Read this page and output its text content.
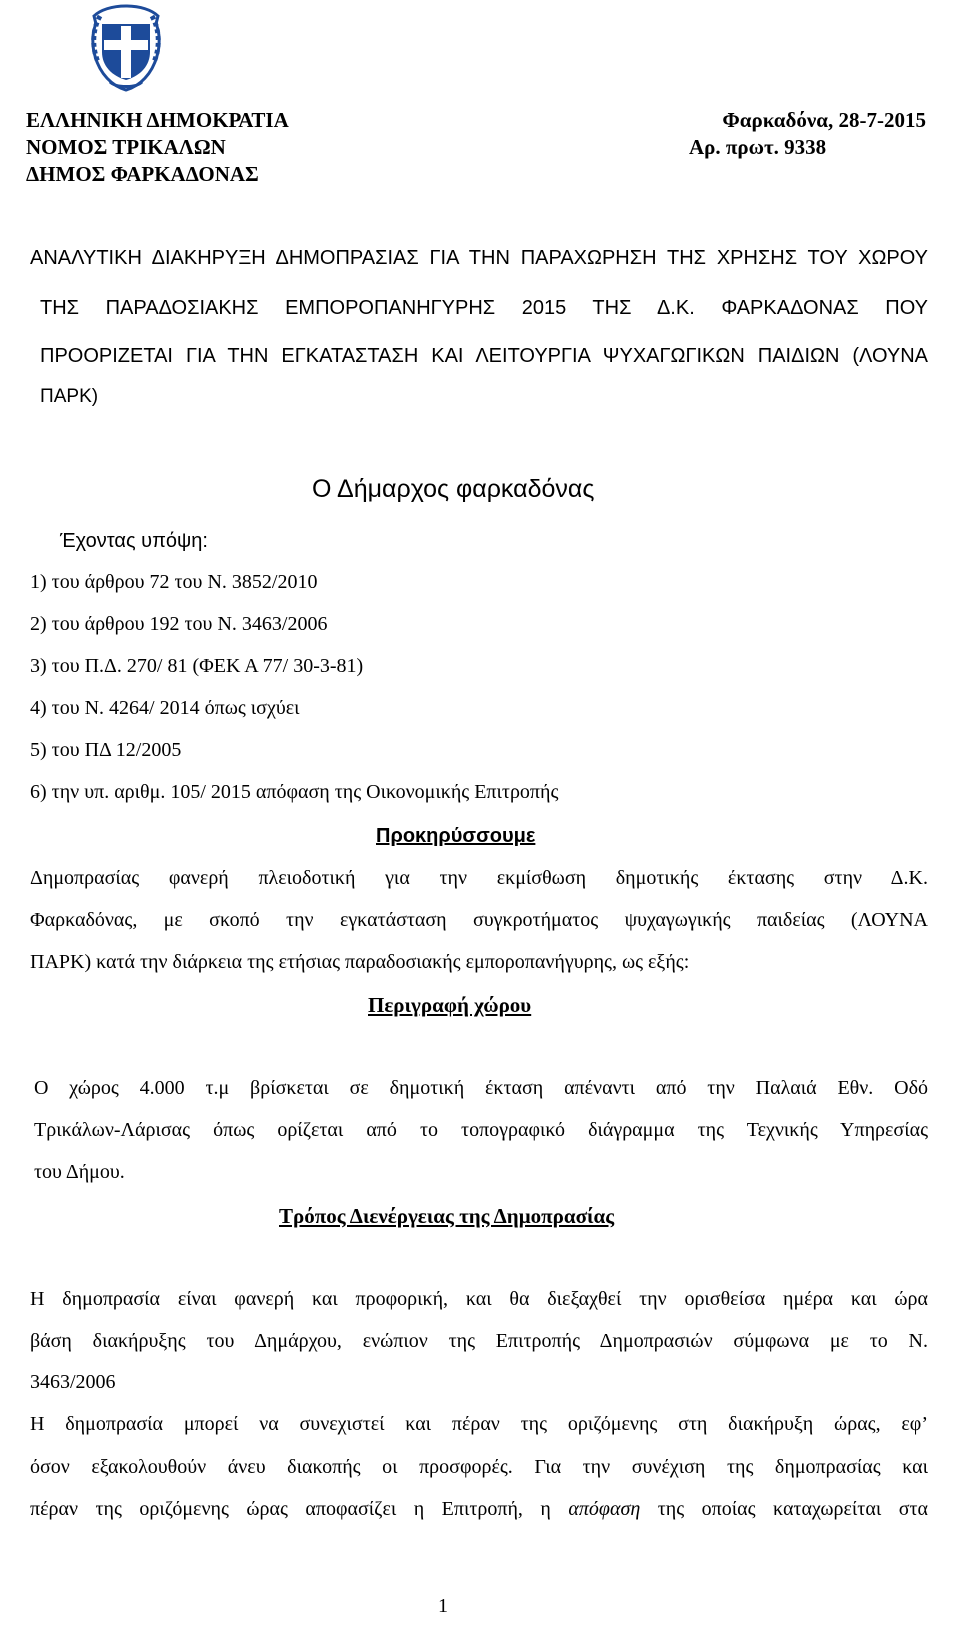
ΕΛΛΗΝΙΚΗ ΔΗΜΟΚΡΑΤΙΑ
ΝΟΜΟΣ ΤΡΙΚΑΛΩΝ
ΔΗΜΟΣ ΦΑΡΚΑΔΟΝΑΣ
Φαρκαδόνα, 28-7-2015
Αρ. πρωτ. 9338
ΑΝΑΛΥΤΙΚΗ ΔΙΑΚΗΡΥΞΗ ΔΗΜΟΠΡΑΣΙΑΣ ΓΙΑ ΤΗΝ ΠΑΡΑΧΩΡΗΣΗ ΤΗΣ ΧΡΗΣΗΣ ΤΟΥ ΧΩΡΟΥ
ΤΗΣ ΠΑΡΑΔΟΣΙΑΚΗΣ ΕΜΠΟΡΟΠΑΝΗΓΥΡΗΣ 2015 ΤΗΣ Δ.Κ. ΦΑΡΚΑΔΟΝΑΣ ΠΟΥ
ΠΡΟΟΡΙΖΕΤΑΙ ΓΙΑ ΤΗΝ ΕΓΚΑΤΑΣΤΑΣΗ ΚΑΙ ΛΕΙΤΟΥΡΓΙΑ ΨΥΧΑΓΩΓΙΚΩΝ ΠΑΙΔΙΩΝ (ΛΟΥΝΑ
ΠΑΡΚ)
Ο Δήμαρχος φαρκαδόνας
Έχοντας υπόψη:
1) του άρθρου 72 του Ν. 3852/2010
2) του άρθρου 192 του Ν. 3463/2006
3) του Π.Δ. 270/ 81 (ΦΕΚ Α 77/ 30-3-81)
4) του Ν. 4264/ 2014 όπως ισχύει
5) του ΠΔ 12/2005
6) την υπ. αριθμ. 105/ 2015 απόφαση της Οικονομικής Επιτροπής
Προκηρύσσουμε
Δημοπρασίας φανερή πλειοδοτική για την εκμίσθωση δημοτικής έκτασης στην Δ.Κ.
Φαρκαδόνας, με σκοπό την εγκατάσταση συγκροτήματος ψυχαγωγικής παιδείας (ΛΟΥΝΑ
ΠΑΡΚ) κατά την διάρκεια της ετήσιας παραδοσιακής εμποροπανήγυρης, ως εξής:
Περιγραφή χώρου
Ο χώρος 4.000 τ.μ βρίσκεται σε δημοτική έκταση απέναντι από την Παλαιά Εθν. Οδό
Τρικάλων-Λάρισας όπως ορίζεται από το τοπογραφικό διάγραμμα της Τεχνικής Υπηρεσίας
του Δήμου.
Τρόπος Διενέργειας της Δημοπρασίας
Η δημοπρασία είναι φανερή και προφορική, και θα διεξαχθεί την ορισθείσα ημέρα και ώρα
βάση διακήρυξης του Δημάρχου, ενώπιον της Επιτροπής Δημοπρασιών σύμφωνα με το Ν.
3463/2006
Η δημοπρασία μπορεί να συνεχιστεί και πέραν της οριζόμενης στη διακήρυξη ώρας, εφ’
όσον εξακολουθούν άνευ διακοπής οι προσφορές. Για την συνέχιση της δημοπρασίας και
πέραν της οριζόμενης ώρας αποφασίζει η Επιτροπή, η απόφαση της οποίας καταχωρείται στα
1
